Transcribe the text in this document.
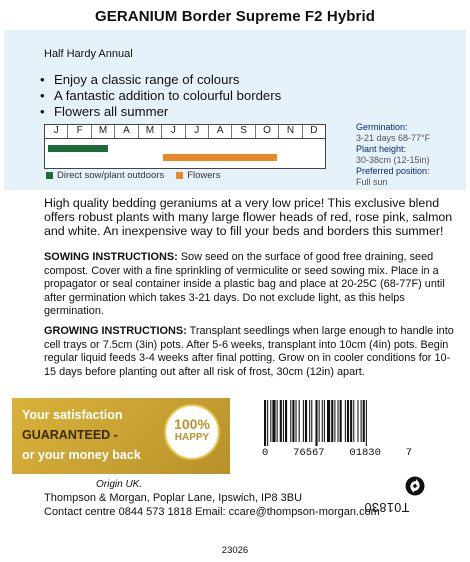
GERANIUM Border Supreme F2 Hybrid
Half Hardy Annual
• Enjoy a classic range of colours
• A fantastic addition to colourful borders
• Flowers all summer
J	F	M	A	M	J	J	A	S	O	N	D
Direct sow/plant outdoors Flowers
Germination:
3-21 days 68-77°F
Plant height:
30-38cm (12-15in)
Preferred position:
Full sun
High quality bedding geraniums at a very low price! This exclusive blend offers robust plants with many large flower heads of red, rose pink, salmon and white. An inexpensive way to fill your beds and borders this summer!
SOWING INSTRUCTIONS: Sow seed on the surface of good free draining, seed compost. Cover with a fine sprinkling of vermiculite or seed sowing mix. Place in a propagator or seal container inside a plastic bag and place at 20-25C (68-77F) until after germination which takes 3-21 days. Do not exclude light, as this helps germination.
GROWING INSTRUCTIONS: Transplant seedlings when large enough to handle into cell trays or 7.5cm (3in) pots. After 5-6 weeks, transplant into 10cm (4in) pots. Begin regular liquid feeds 3-4 weeks after final potting. Grow on in cooler conditions for 10-15 days before planting out after all risk of frost, 30cm (12in) apart.
Your satisfaction
GUARANTEED -
or your money back
100%
HAPPY
0 76567 01830 7
T01830
Origin UK.
Thompson & Morgan, Poplar Lane, Ipswich, IP8 3BU
Contact centre 0844 573 1818 Email: ccare@thompson-morgan.com
23026
